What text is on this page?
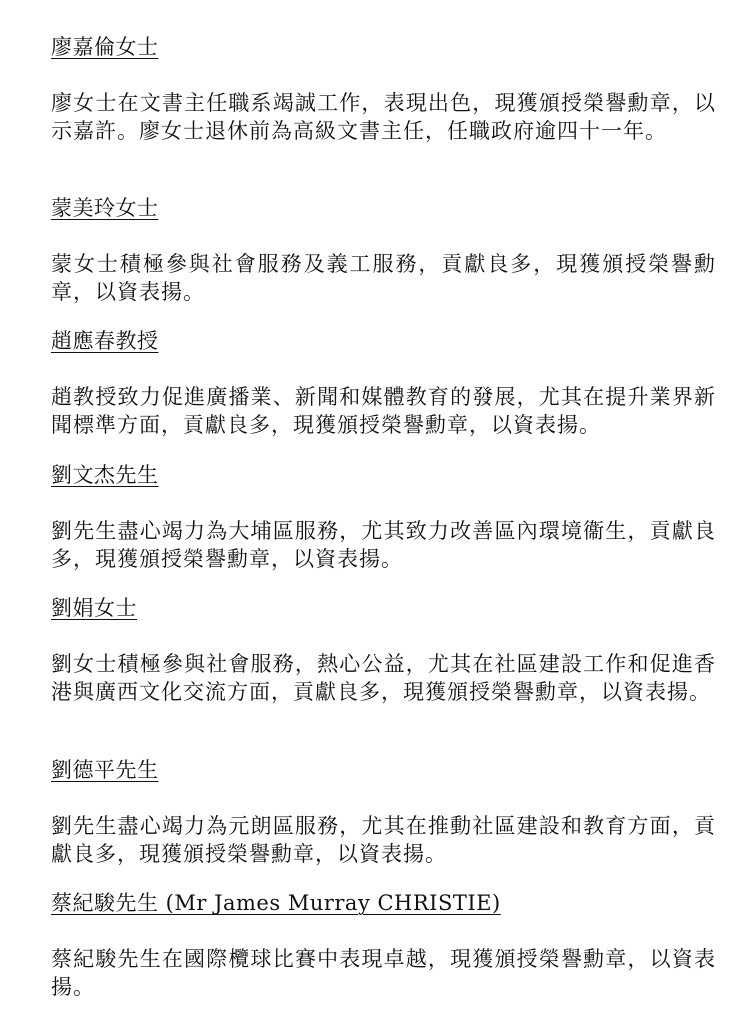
廖嘉倫女士
廖女士在文書主任職系竭誠工作，表現出色，現獲頒授榮譽勳章，以示嘉許。廖女士退休前為高級文書主任，任職政府逾四十一年。
蒙美玲女士
蒙女士積極參與社會服務及義工服務，貢獻良多，現獲頒授榮譽勳章，以資表揚。
趙應春教授
趙教授致力促進廣播業、新聞和媒體教育的發展，尤其在提升業界新聞標準方面，貢獻良多，現獲頒授榮譽勳章，以資表揚。
劉文杰先生
劉先生盡心竭力為大埔區服務，尤其致力改善區內環境衞生，貢獻良多，現獲頒授榮譽勳章，以資表揚。
劉娟女士
劉女士積極參與社會服務，熱心公益，尤其在社區建設工作和促進香港與廣西文化交流方面，貢獻良多，現獲頒授榮譽勳章，以資表揚。
劉德平先生
劉先生盡心竭力為元朗區服務，尤其在推動社區建設和教育方面，貢獻良多，現獲頒授榮譽勳章，以資表揚。
蔡紀駿先生 (Mr James Murray CHRISTIE)
蔡紀駿先生在國際欖球比賽中表現卓越，現獲頒授榮譽勳章，以資表揚。
